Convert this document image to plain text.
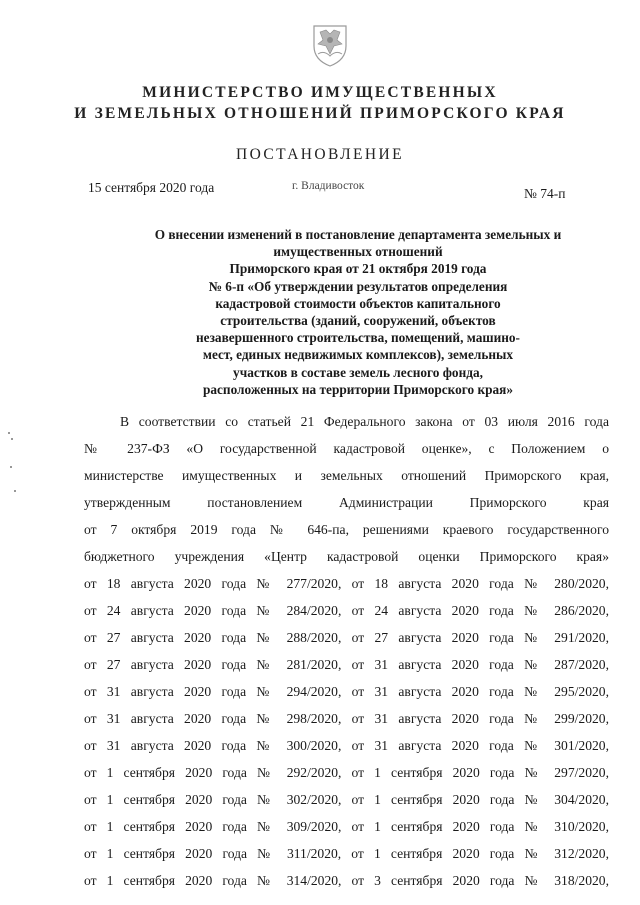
МИНИСТЕРСТВО ИМУЩЕСТВЕННЫХ
И ЗЕМЕЛЬНЫХ ОТНОШЕНИЙ ПРИМОРСКОГО КРАЯ
ПОСТАНОВЛЕНИЕ
15 сентября 2020 года	г. Владивосток	№ 74-п
О внесении изменений в постановление департамента земельных и
имущественных отношений
Приморского края от 21 октября 2019 года
№ 6-п «Об утверждении результатов определения
кадастровой стоимости объектов капитального
строительства (зданий, сооружений, объектов
незавершенного строительства, помещений, машино-
мест, единых недвижимых комплексов), земельных
участков в составе земель лесного фонда,
расположенных на территории Приморского края»
В соответствии со статьей 21 Федерального закона от 03 июля 2016 года
№ 237-ФЗ «О государственной кадастровой оценке», с Положением о
министерстве имущественных и земельных отношений Приморского края,
утвержденным постановлением Администрации Приморского края
от 7 октября 2019 года № 646-па, решениями краевого государственного
бюджетного учреждения «Центр кадастровой оценки Приморского края»
от 18 августа 2020 года № 277/2020, от 18 августа 2020 года № 280/2020,
от 24 августа 2020 года № 284/2020, от 24 августа 2020 года № 286/2020,
от 27 августа 2020 года № 288/2020, от 27 августа 2020 года № 291/2020,
от 27 августа 2020 года № 281/2020, от 31 августа 2020 года № 287/2020,
от 31 августа 2020 года № 294/2020, от 31 августа 2020 года № 295/2020,
от 31 августа 2020 года № 298/2020, от 31 августа 2020 года № 299/2020,
от 31 августа 2020 года № 300/2020, от 31 августа 2020 года № 301/2020,
от 1 сентября 2020 года № 292/2020, от 1 сентября 2020 года № 297/2020,
от 1 сентября 2020 года № 302/2020, от 1 сентября 2020 года № 304/2020,
от 1 сентября 2020 года № 309/2020, от 1 сентября 2020 года № 310/2020,
от 1 сентября 2020 года № 311/2020, от 1 сентября 2020 года № 312/2020,
от 1 сентября 2020 года № 314/2020, от 3 сентября 2020 года № 318/2020,
